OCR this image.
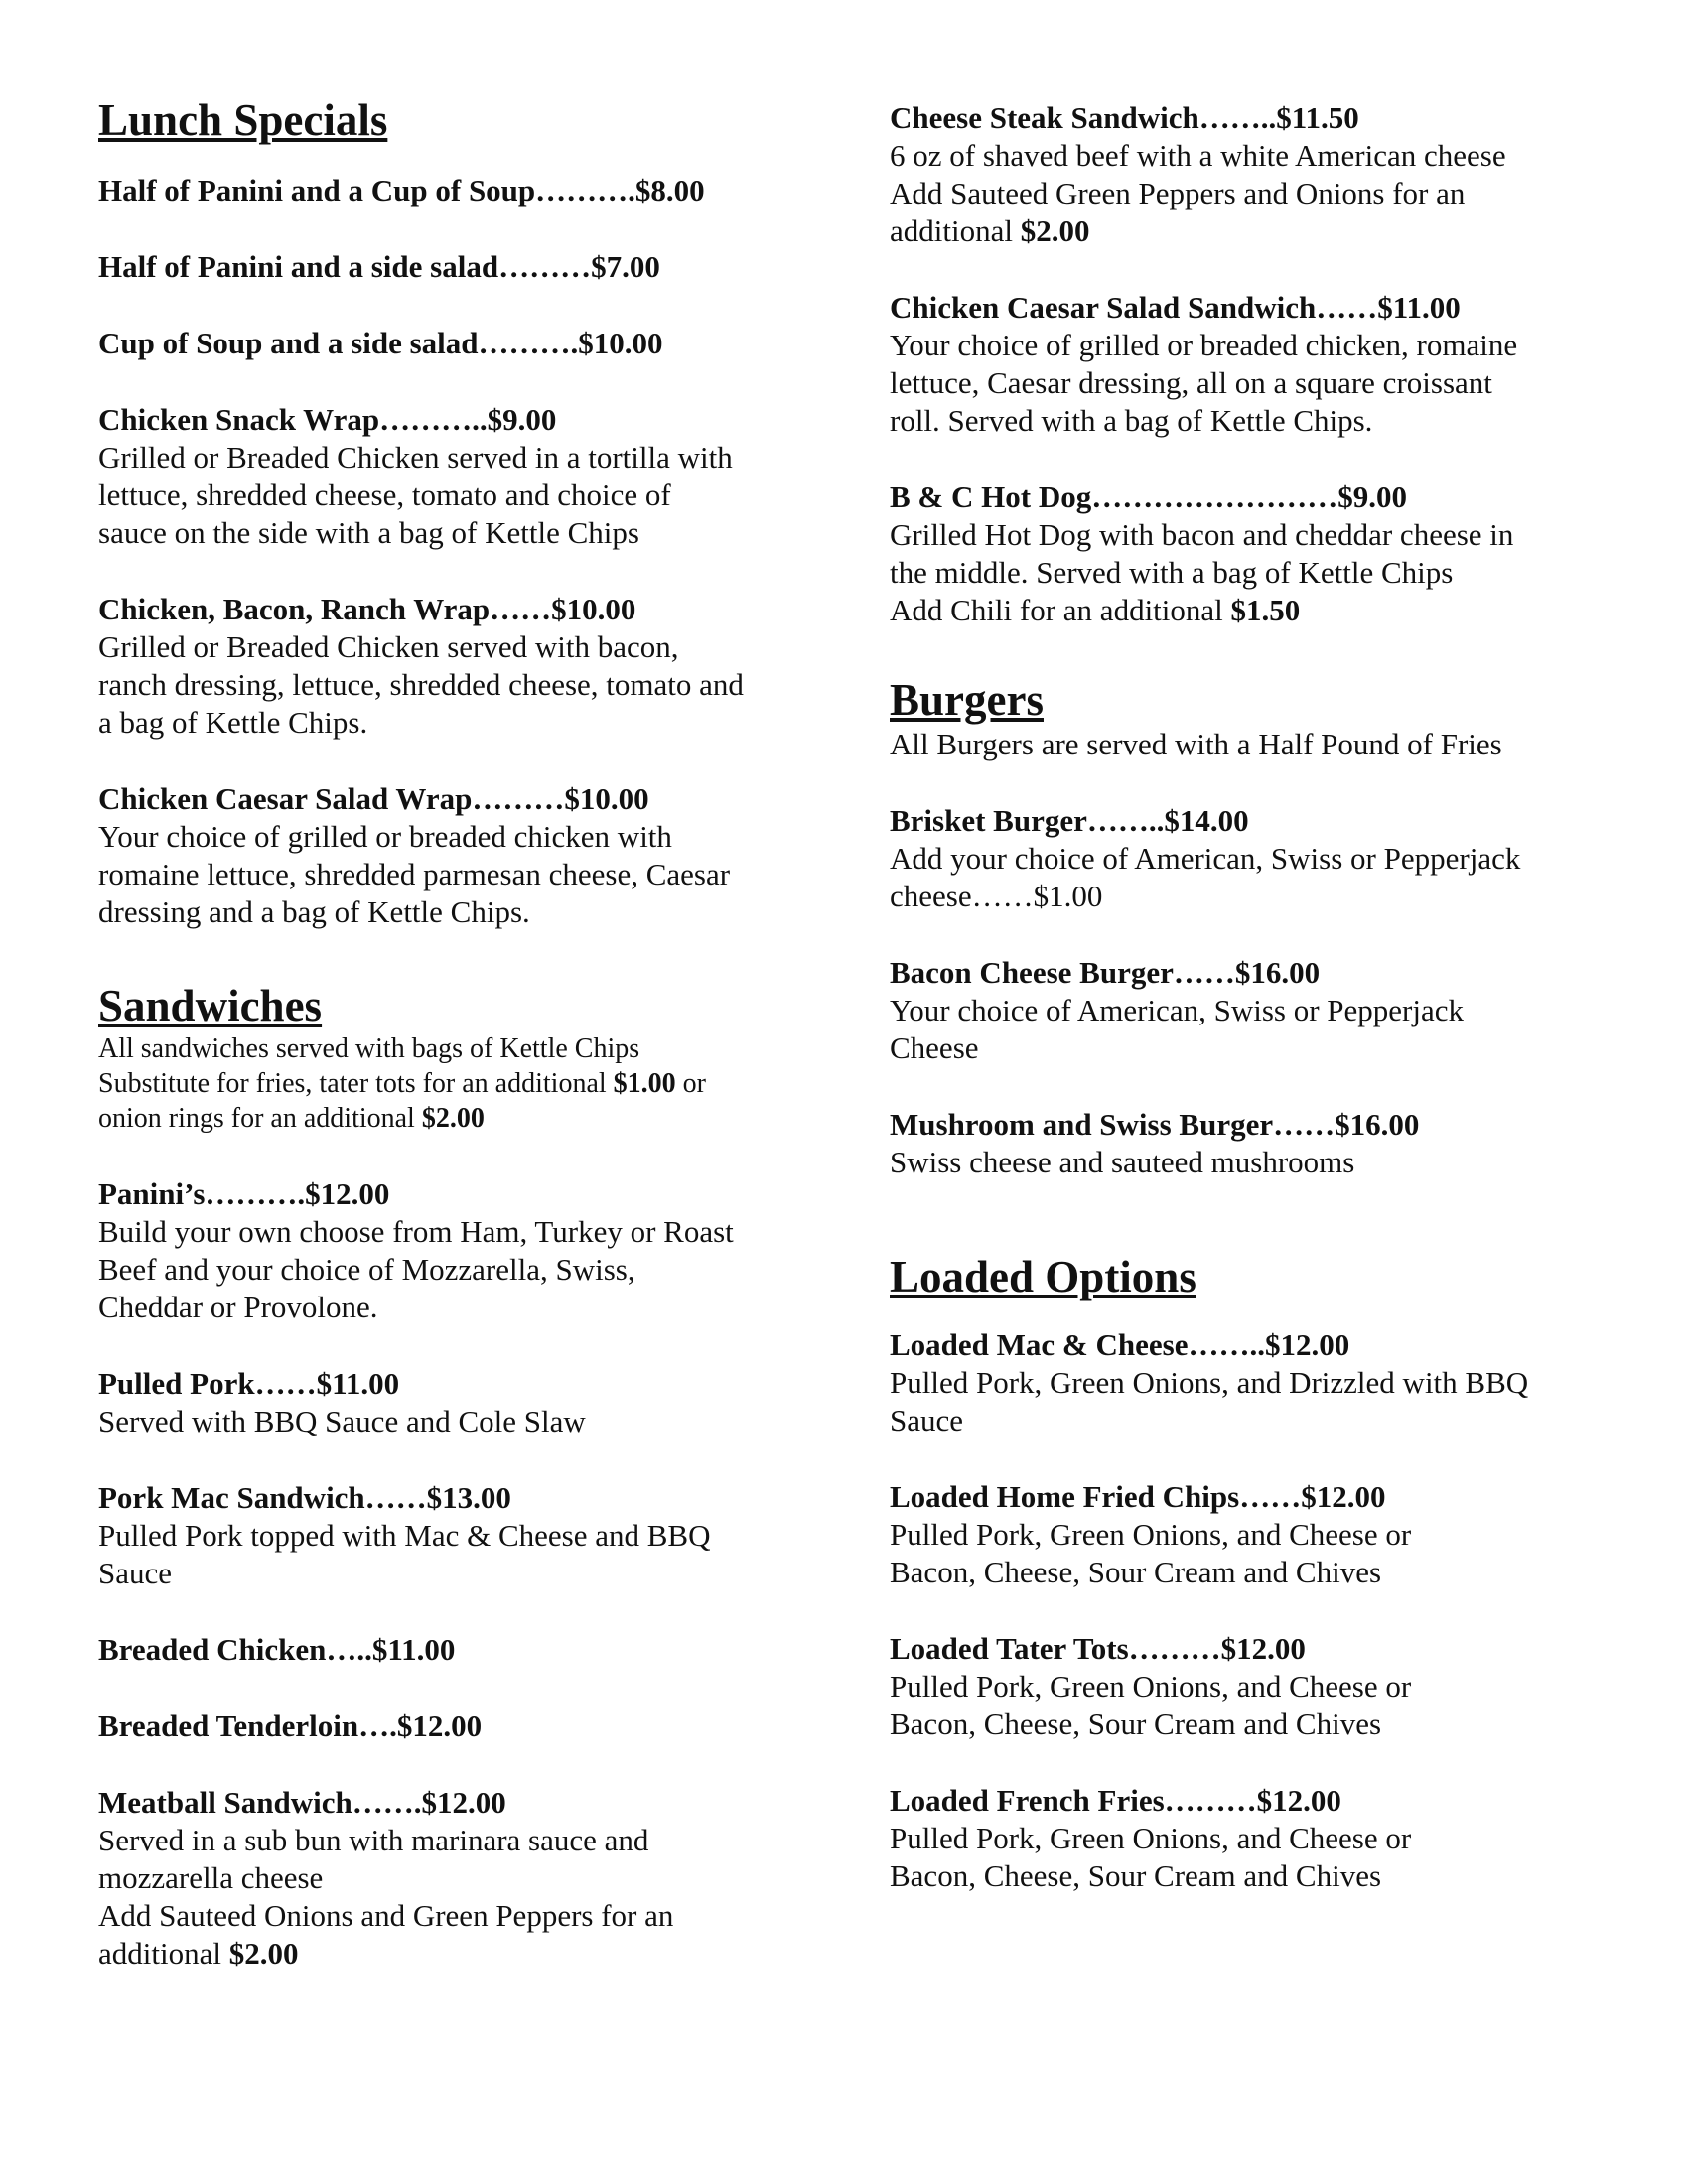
Lunch Specials
Half of Panini and a Cup of Soup……….$8.00
Half of Panini and a side salad………$7.00
Cup of Soup and a side salad……….$10.00
Chicken Snack Wrap………..$9.00
Grilled or Breaded Chicken served in a tortilla with
lettuce, shredded cheese, tomato and choice of
sauce on the side with a bag of Kettle Chips
Chicken, Bacon, Ranch Wrap……$10.00
Grilled or Breaded Chicken served with bacon,
ranch dressing, lettuce, shredded cheese, tomato and
a bag of Kettle Chips.
Chicken Caesar Salad Wrap………$10.00
Your choice of grilled or breaded chicken with
romaine lettuce, shredded parmesan cheese, Caesar
dressing and a bag of Kettle Chips.
Sandwiches
All sandwiches served with bags of Kettle Chips
Substitute for fries, tater tots for an additional $1.00 or
onion rings for an additional $2.00
Panini’s……….$12.00
Build your own choose from Ham, Turkey or Roast
Beef and your choice of Mozzarella, Swiss,
Cheddar or Provolone.
Pulled Pork……$11.00
Served with BBQ Sauce and Cole Slaw
Pork Mac Sandwich……$13.00
Pulled Pork topped with Mac & Cheese and BBQ
Sauce
Breaded Chicken…..$11.00
Breaded Tenderloin….$12.00
Meatball Sandwich…….$12.00
Served in a sub bun with marinara sauce and
mozzarella cheese
Add Sauteed Onions and Green Peppers for an
additional $2.00
Cheese Steak Sandwich……..$11.50
6 oz of shaved beef with a white American cheese
Add Sauteed Green Peppers and Onions for an
additional $2.00
Chicken Caesar Salad Sandwich……$11.00
Your choice of grilled or breaded chicken, romaine
lettuce, Caesar dressing, all on a square croissant
roll. Served with a bag of Kettle Chips.
B & C Hot Dog……………………$9.00
Grilled Hot Dog with bacon and cheddar cheese in
the middle. Served with a bag of Kettle Chips
Add Chili for an additional $1.50
Burgers
All Burgers are served with a Half Pound of Fries
Brisket Burger……..$14.00
Add your choice of American, Swiss or Pepperjack
cheese……$1.00
Bacon Cheese Burger……$16.00
Your choice of American, Swiss or Pepperjack
Cheese
Mushroom and Swiss Burger……$16.00
Swiss cheese and sauteed mushrooms
Loaded Options
Loaded Mac & Cheese……..$12.00
Pulled Pork, Green Onions, and Drizzled with BBQ
Sauce
Loaded Home Fried Chips……$12.00
Pulled Pork, Green Onions, and Cheese or
Bacon, Cheese, Sour Cream and Chives
Loaded Tater Tots………$12.00
Pulled Pork, Green Onions, and Cheese or
Bacon, Cheese, Sour Cream and Chives
Loaded French Fries………$12.00
Pulled Pork, Green Onions, and Cheese or
Bacon, Cheese, Sour Cream and Chives
